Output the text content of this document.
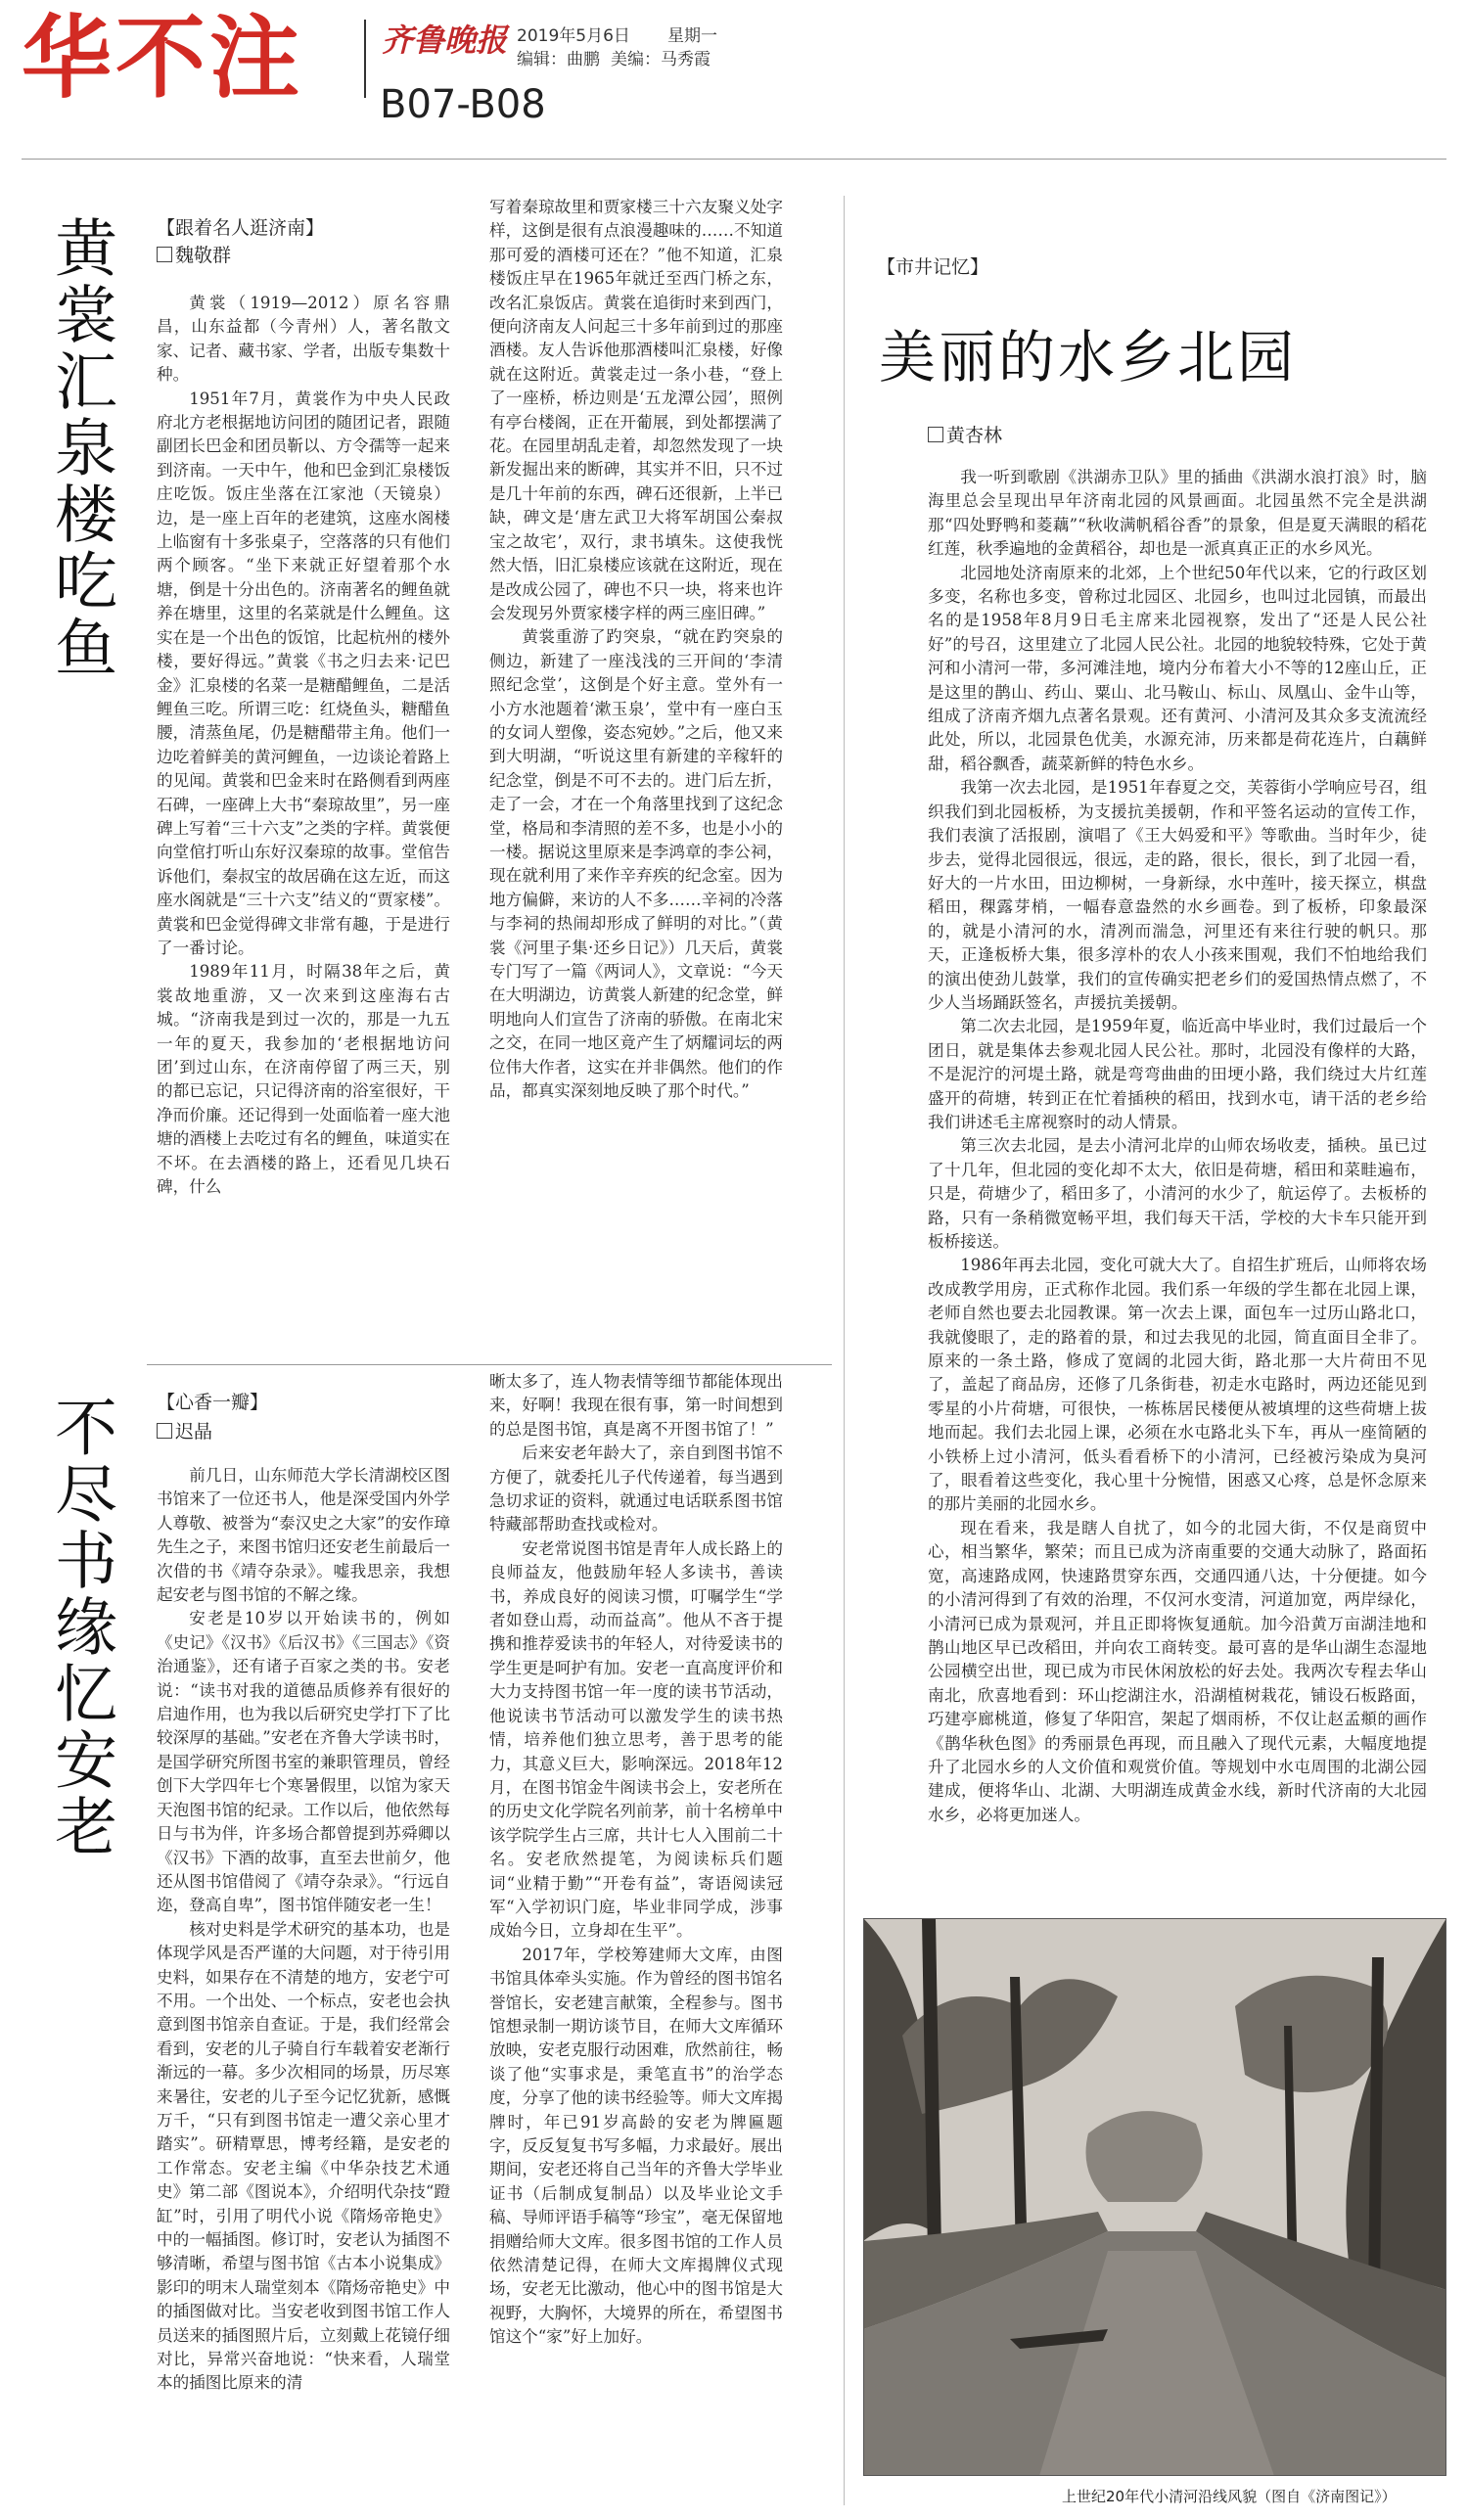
华不注 齐鲁晚报 2019年5月6日 星期一
编辑：曲鹏 美编：马秀霞
B07-B08
黄裳汇泉楼吃鱼 【跟着名人逛济南】
魏敬群

黄裳（1919—2012）原名容鼎昌，山东益都（今青州）人，著名散文家、记者、藏书家、学者，出版专集数十种。

1951年7月，黄裳作为中央人民政府北方老根据地访问团的随团记者，跟随副团长巴金和团员靳以、方令孺等一起来到济南。一天中午，他和巴金到汇泉楼饭庄吃饭。饭庄坐落在江家池（天镜泉）边，是一座上百年的老建筑，这座水阁楼上临窗有十多张桌子，空落落的只有他们两个顾客。“坐下来就正好望着那个水塘，倒是十分出色的。济南著名的鲤鱼就养在塘里，这里的名菜就是什么鲤鱼。这实在是一个出色的饭馆，比起杭州的楼外楼，要好得远。”黄裳《书之归去来·记巴金》汇泉楼的名菜一是糖醋鲤鱼，二是活鲤鱼三吃。所谓三吃：红烧鱼头，糖醋鱼腰，清蒸鱼尾，仍是糖醋带主角。他们一边吃着鲜美的黄河鲤鱼，一边谈论着路上的见闻。黄裳和巴金来时在路侧看到两座石碑，一座碑上大书“秦琼故里”，另一座碑上写着“三十六支”之类的字样。黄裳便向堂倌打听山东好汉秦琼的故事。堂倌告诉他们，秦叔宝的故居确在这左近，而这座水阁就是“三十六支”结义的“贾家楼”。黄裳和巴金觉得碑文非常有趣，于是进行了一番讨论。

1989年11月，时隔38年之后，黄裳故地重游，又一次来到这座海右古城。“济南我是到过一次的，那是一九五一年的夏天，我参加的‘老根据地访问团’到过山东，在济南停留了两三天，别的都已忘记，只记得济南的浴室很好，干净而价廉。还记得到一处面临着一座大池塘的酒楼上去吃过有名的鲤鱼，味道实在不坏。在去酒楼的路上，还看见几块石碑，什么

写着秦琼故里和贾家楼三十六友聚义处字样，这倒是很有点浪漫趣味的……不知道那可爱的酒楼可还在？”他不知道，汇泉楼饭庄早在1965年就迁至西门桥之东，改名汇泉饭店。黄裳在追街时来到西门，便向济南友人问起三十多年前到过的那座酒楼。友人告诉他那酒楼叫汇泉楼，好像就在这附近。黄裳走过一条小巷，“登上了一座桥，桥边则是‘五龙潭公园’，照例有亭台楼阁，正在开葡展，到处都摆满了花。在园里胡乱走着，却忽然发现了一块新发掘出来的断碑，其实并不旧，只不过是几十年前的东西，碑石还很新，上半已缺，碑文是‘唐左武卫大将军胡国公秦叔宝之故宅’，双行，隶书填朱。这使我恍然大悟，旧汇泉楼应该就在这附近，现在是改成公园了，碑也不只一块，将来也许会发现另外贾家楼字样的两三座旧碑。”

黄裳重游了趵突泉，“就在趵突泉的侧边，新建了一座浅浅的三开间的‘李清照纪念堂’，这倒是个好主意。堂外有一小方水池题着‘漱玉泉’，堂中有一座白玉的女词人塑像，姿态宛妙。”之后，他又来到大明湖，“听说这里有新建的辛稼轩的纪念堂，倒是不可不去的。进门后左折，走了一会，才在一个角落里找到了这纪念堂，格局和李清照的差不多，也是小小的一楼。据说这里原来是李鸿章的李公祠，现在就利用了来作辛弃疾的纪念室。因为地方偏僻，来访的人不多……辛祠的冷落与李祠的热闹却形成了鲜明的对比。”（黄裳《河里子集·还乡日记》）几天后，黄裳专门写了一篇《两词人》，文章说：“今天在大明湖边，访黄裳人新建的纪念堂，鲜明地向人们宣告了济南的骄傲。在南北宋之交，在同一地区竟产生了炳耀词坛的两位伟大作者，这实在并非偶然。他们的作品，都真实深刻地反映了那个时代。”

不尽书缘忆安老 【心香一瓣】
迟晶

前几日，山东师范大学长清湖校区图书馆来了一位还书人，他是深受国内外学人尊敬、被誉为“泰汉史之大家”的安作璋先生之子，来图书馆归还安老生前最后一次借的书《靖夺杂录》。嘘我思亲，我想起安老与图书馆的不解之缘。

安老是10岁以开始读书的，例如《史记》《汉书》《后汉书》《三国志》《资治通鉴》，还有诸子百家之类的书。安老说：“读书对我的道德品质修养有很好的启迪作用，也为我以后研究史学打下了比较深厚的基础。”安老在齐鲁大学读书时，是国学研究所图书室的兼职管理员，曾经创下大学四年七个寒暑假里，以馆为家天天泡图书馆的纪录。工作以后，他依然每日与书为伴，许多场合都曾提到苏舜卿以《汉书》下酒的故事，直至去世前夕，他还从图书馆借阅了《靖夺杂录》。“行远自迩，登高自卑”，图书馆伴随安老一生！

核对史料是学术研究的基本功，也是体现学风是否严谨的大问题，对于待引用史料，如果存在不清楚的地方，安老宁可不用。一个出处、一个标点，安老也会执意到图书馆亲自查证。于是，我们经常会看到，安老的儿子骑自行车载着安老渐行渐远的一幕。多少次相同的场景，历尽寒来暑往，安老的儿子至今记忆犹新，感慨万千，“只有到图书馆走一遭父亲心里才踏实”。研精覃思，博考经籍，是安老的工作常态。安老主编《中华杂技艺术通史》第二部《图说本》，介绍明代杂技“蹬缸”时，引用了明代小说《隋炀帝艳史》中的一幅插图。修订时，安老认为插图不够清晰，希望与图书馆《古本小说集成》影印的明末人瑞堂刻本《隋炀帝艳史》中的插图做对比。当安老收到图书馆工作人员送来的插图照片后，立刻戴上花镜仔细对比，异常兴奋地说：“快来看，人瑞堂本的插图比原来的清

晰太多了，连人物表情等细节都能体现出来，好啊！我现在很有事，第一时间想到的总是图书馆，真是离不开图书馆了！”

后来安老年龄大了，亲自到图书馆不方便了，就委托儿子代传递着，每当遇到急切求证的资料，就通过电话联系图书馆特藏部帮助查找或检对。

安老常说图书馆是青年人成长路上的良师益友，他鼓励年轻人多读书，善读书，养成良好的阅读习惯，叮嘱学生“学者如登山焉，动而益高”。他从不吝于提携和推荐爱读书的年轻人，对待爱读书的学生更是呵护有加。安老一直高度评价和大力支持图书馆一年一度的读书节活动，他说读书节活动可以激发学生的读书热情，培养他们独立思考，善于思考的能力，其意义巨大，影响深远。2018年12月，在图书馆金牛阁读书会上，安老所在的历史文化学院名列前茅，前十名榜单中该学院学生占三席，共计七人入围前二十名。安老欣然提笔，为阅读标兵们题词“业精于勤”“开卷有益”，寄语阅读冠军“入学初识门庭，毕业非同学成，涉事成始今日，立身却在生平”。

2017年，学校筹建师大文库，由图书馆具体牵头实施。作为曾经的图书馆名誉馆长，安老建言献策，全程参与。图书馆想录制一期访谈节目，在师大文库循环放映，安老克服行动困难，欣然前往，畅谈了他“实事求是，秉笔直书”的治学态度，分享了他的读书经验等。师大文库揭牌时，年已91岁高龄的安老为牌匾题字，反反复复书写多幅，力求最好。展出期间，安老还将自己当年的齐鲁大学毕业证书（后制成复制品）以及毕业论文手稿、导师评语手稿等“珍宝”，毫无保留地捐赠给师大文库。很多图书馆的工作人员依然清楚记得，在师大文库揭牌仪式现场，安老无比激动，他心中的图书馆是大视野，大胸怀，大境界的所在，希望图书馆这个“家”好上加好。

【市井记忆】
美丽的水乡北园
黄杏林

我一听到歌剧《洪湖赤卫队》里的插曲《洪湖水浪打浪》时，脑海里总会呈现出早年济南北园的风景画面。北园虽然不完全是洪湖那“四处野鸭和菱藕”“秋收满帆稻谷香”的景象，但是夏天满眼的稻花红莲，秋季遍地的金黄稻谷，却也是一派真真正正的水乡风光。

北园地处济南原来的北郊，上个世纪50年代以来，它的行政区划多变，名称也多变，曾称过北园区、北园乡，也叫过北园镇，而最出名的是1958年8月9日毛主席来北园视察，发出了“还是人民公社好”的号召，这里建立了北园人民公社。北园的地貌较特殊，它处于黄河和小清河一带，多河滩洼地，境内分布着大小不等的12座山丘，正是这里的鹊山、药山、粟山、北马鞍山、标山、凤凰山、金牛山等，组成了济南齐烟九点著名景观。还有黄河、小清河及其众多支流流经此处，所以，北园景色优美，水源充沛，历来都是荷花连片，白藕鲜甜，稻谷飘香，蔬菜新鲜的特色水乡。

我第一次去北园，是1951年春夏之交，芙蓉街小学响应号召，组织我们到北园板桥，为支援抗美援朝，作和平签名运动的宣传工作，我们表演了活报剧，演唱了《王大妈爱和平》等歌曲。当时年少，徒步去，觉得北园很远，很远，走的路，很长，很长，到了北园一看，好大的一片水田，田边柳树，一身新绿，水中莲叶，接天探立，棋盘稻田，稞露芽梢，一幅春意盎然的水乡画卷。到了板桥，印象最深的，就是小清河的水，清冽而湍急，河里还有来往行驶的帆只。那天，正逢板桥大集，很多淳朴的农人小孩来围观，我们不怕地给我们的演出使劲儿鼓掌，我们的宣传确实把老乡们的爱国热情点燃了，不少人当场踊跃签名，声援抗美援朝。

第二次去北园，是1959年夏，临近高中毕业时，我们过最后一个团日，就是集体去参观北园人民公社。那时，北园没有像样的大路，不是泥泞的河堤土路，就是弯弯曲曲的田埂小路，我们绕过大片红莲盛开的荷塘，转到正在忙着插秧的稻田，找到水屯，请干活的老乡给我们讲述毛主席视察时的动人情景。

第三次去北园，是去小清河北岸的山师农场收麦，插秧。虽已过了十几年，但北园的变化却不太大，依旧是荷塘，稻田和菜畦遍布，只是，荷塘少了，稻田多了，小清河的水少了，航运停了。去板桥的路，只有一条稍微宽畅平坦，我们每天干活，学校的大卡车只能开到板桥接送。

1986年再去北园，变化可就大大了。自招生扩班后，山师将农场改成教学用房，正式称作北园。我们系一年级的学生都在北园上课，老师自然也要去北园教课。第一次去上课，面包车一过历山路北口，我就傻眼了，走的路着的景，和过去我见的北园，简直面目全非了。原来的一条土路，修成了宽阔的北园大街，路北那一大片荷田不见了，盖起了商品房，还修了几条街巷，初走水屯路时，两边还能见到零星的小片荷塘，可很快，一栋栋居民楼便从被填埋的这些荷塘上拔地而起。我们去北园上课，必须在水屯路北头下车，再从一座简陋的小铁桥上过小清河，低头看看桥下的小清河，已经被污染成为臭河了，眼看着这些变化，我心里十分惋惜，困惑又心疼，总是怀念原来的那片美丽的北园水乡。

现在看来，我是瞎人自扰了，如今的北园大街，不仅是商贸中心，相当繁华，繁荣；而且已成为济南重要的交通大动脉了，路面拓宽，高速路成网，快速路贯穿东西，交通四通八达，十分便捷。如今的小清河得到了有效的治理，不仅河水变清，河道加宽，两岸绿化，小清河已成为景观河，并且正即将恢复通航。加今沿黄万亩湖洼地和鹊山地区早已改稻田，并向农工商转变。最可喜的是华山湖生态湿地公园横空出世，现已成为市民休闲放松的好去处。我两次专程去华山南北，欣喜地看到：环山挖湖注水，沿湖植树栽花，铺设石板路面，巧建亭廊桃道，修复了华阳宫，架起了烟雨桥，不仅让赵孟頫的画作《鹊华秋色图》的秀丽景色再现，而且融入了现代元素，大幅度地提升了北园水乡的人文价值和观赏价值。等规划中水屯周围的北湖公园建成，便将华山、北湖、大明湖连成黄金水线，新时代济南的大北园水乡，必将更加迷人。

上世纪20年代小清河沿线风貌（图自《济南图记》）
